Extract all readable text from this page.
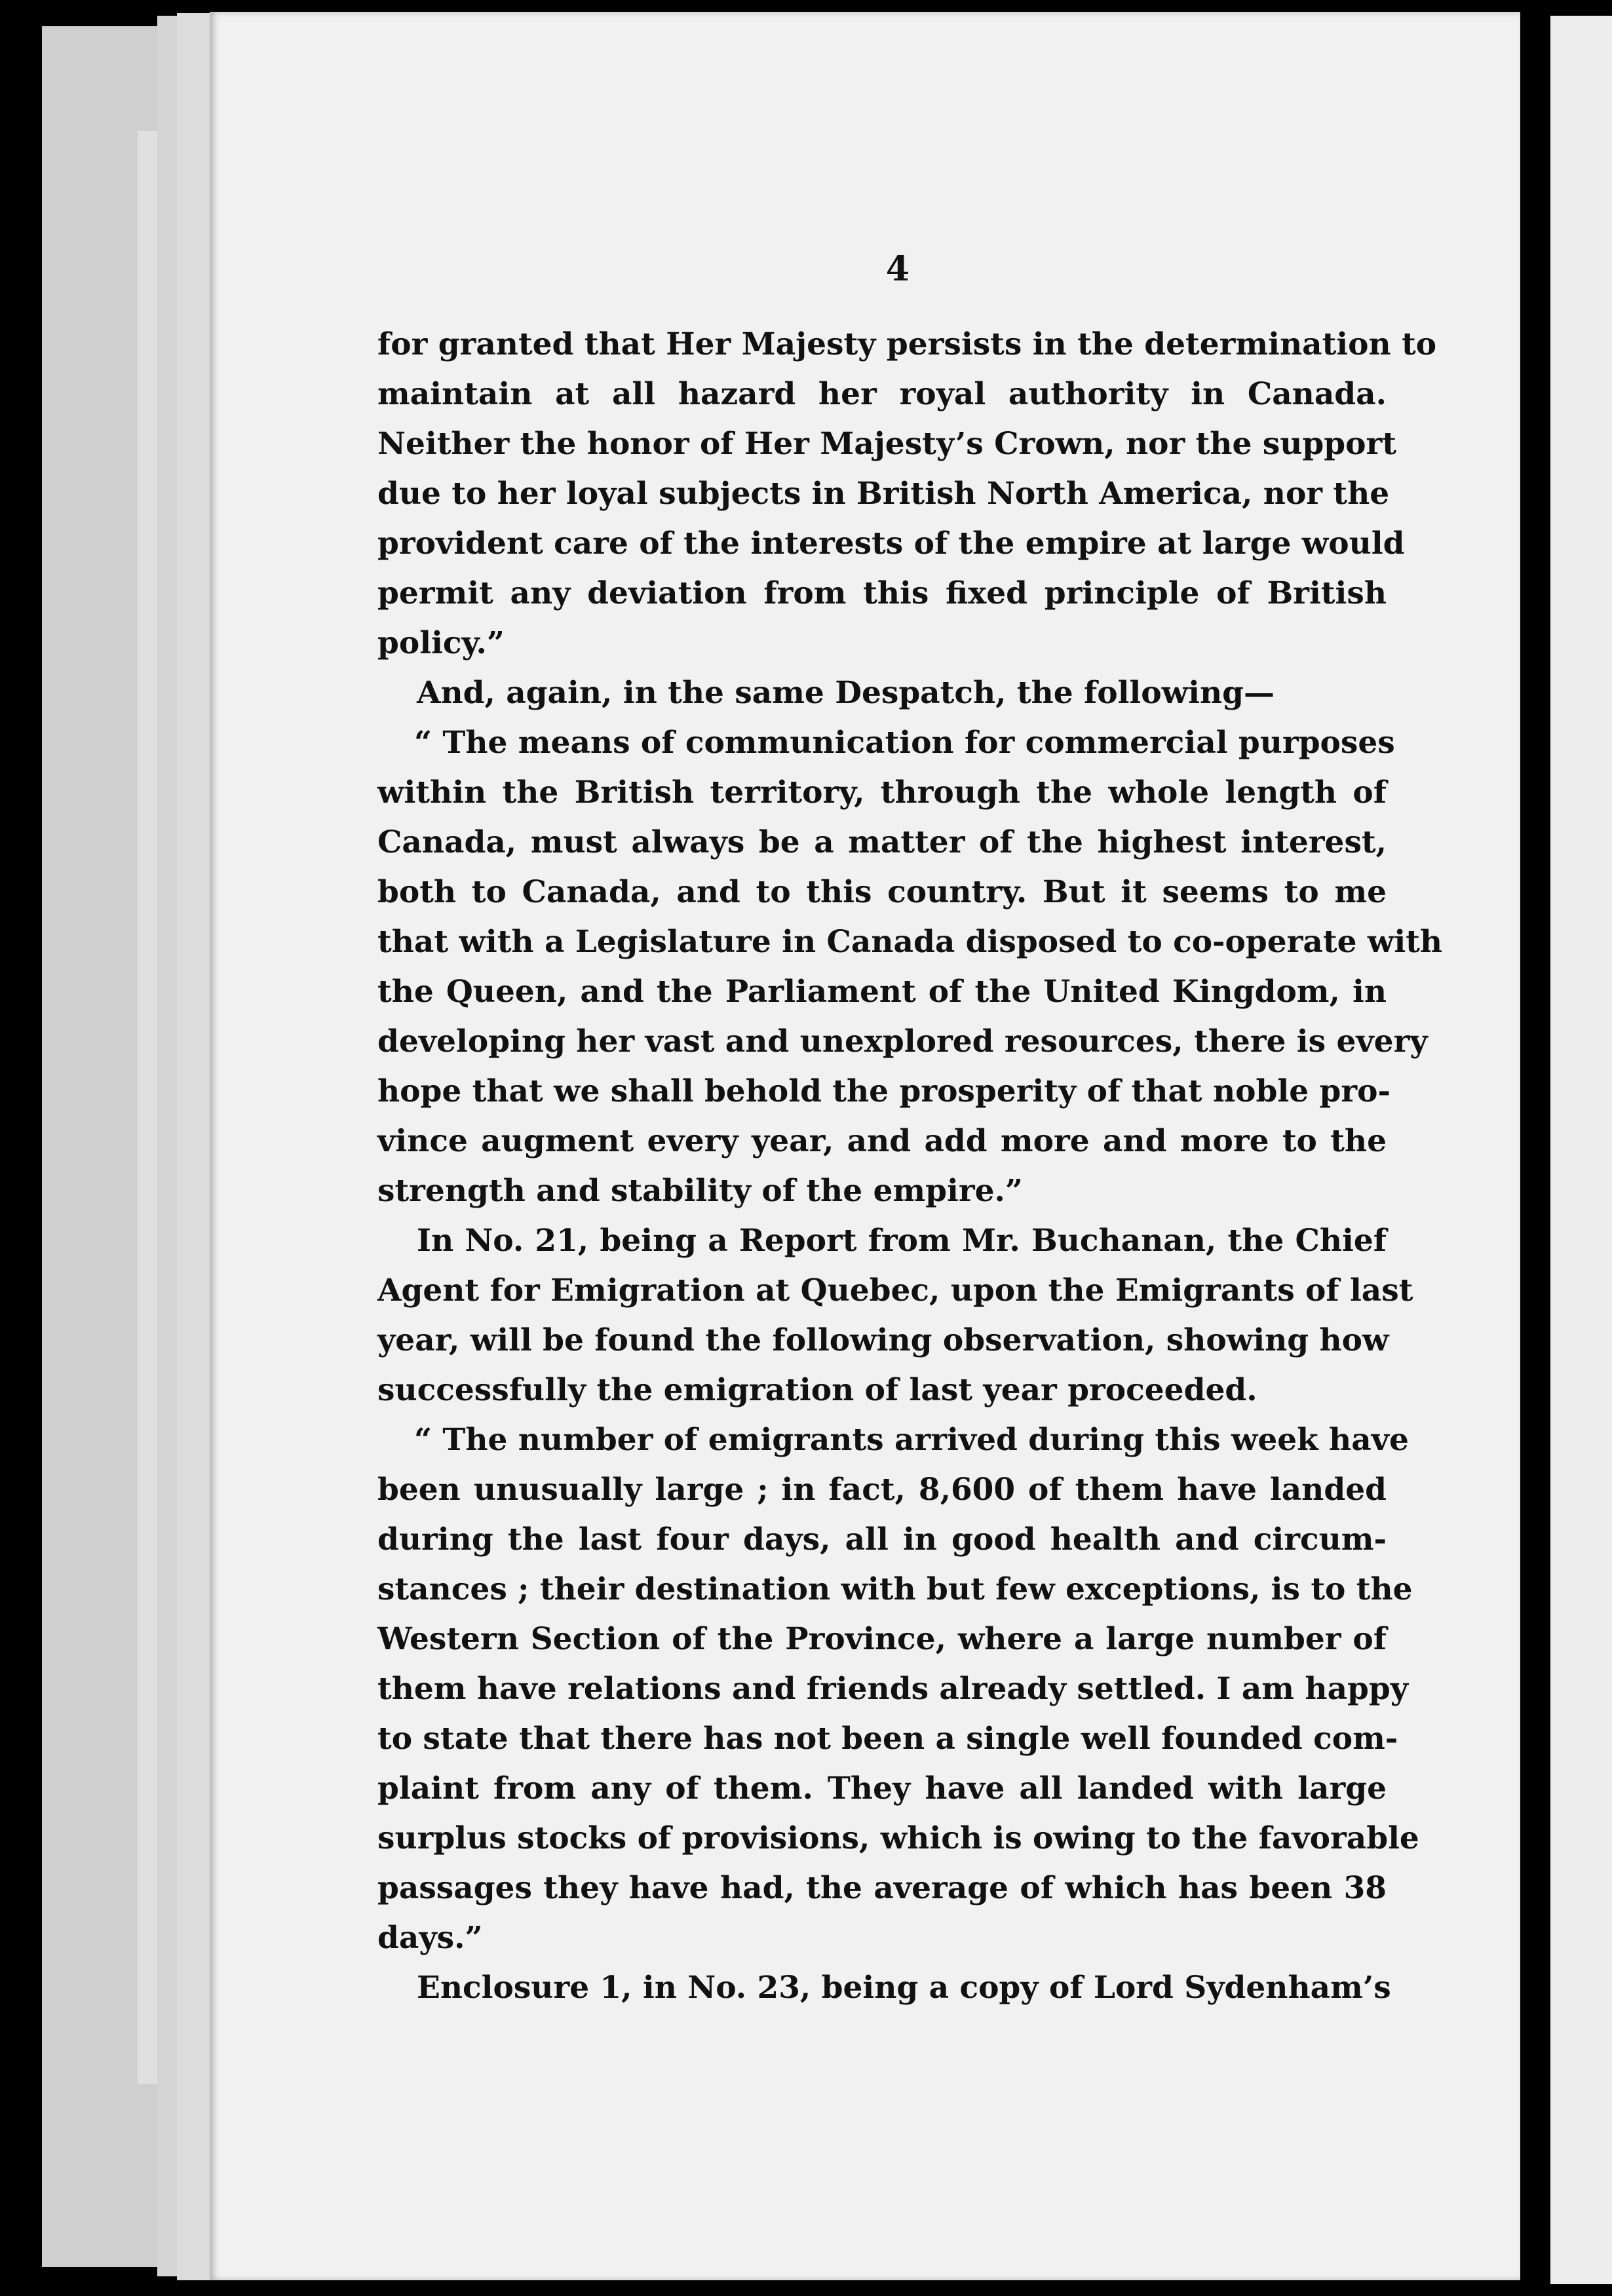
4
for granted that Her Majesty persists in the determination to
maintain at all hazard her royal authority in Canada.
Neither the honor of Her Majesty’s Crown, nor the support
due to her loyal subjects in British North America, nor the
provident care of the interests of the empire at large would
permit any deviation from this fixed principle of British
policy.”
And, again, in the same Despatch, the following—
“ The means of communication for commercial purposes
within the British territory, through the whole length of
Canada, must always be a matter of the highest interest,
both to Canada, and to this country. But it seems to me
that with a Legislature in Canada disposed to co-operate with
the Queen, and the Parliament of the United Kingdom, in
developing her vast and unexplored resources, there is every
hope that we shall behold the prosperity of that noble pro-
vince augment every year, and add more and more to the
strength and stability of the empire.”
In No. 21, being a Report from Mr. Buchanan, the Chief
Agent for Emigration at Quebec, upon the Emigrants of last
year, will be found the following observation, showing how
successfully the emigration of last year proceeded.
“ The number of emigrants arrived during this week have
been unusually large ; in fact, 8,600 of them have landed
during the last four days, all in good health and circum-
stances ; their destination with but few exceptions, is to the
Western Section of the Province, where a large number of
them have relations and friends already settled. I am happy
to state that there has not been a single well founded com-
plaint from any of them. They have all landed with large
surplus stocks of provisions, which is owing to the favorable
passages they have had, the average of which has been 38
days.”
Enclosure 1, in No. 23, being a copy of Lord Sydenham’s
